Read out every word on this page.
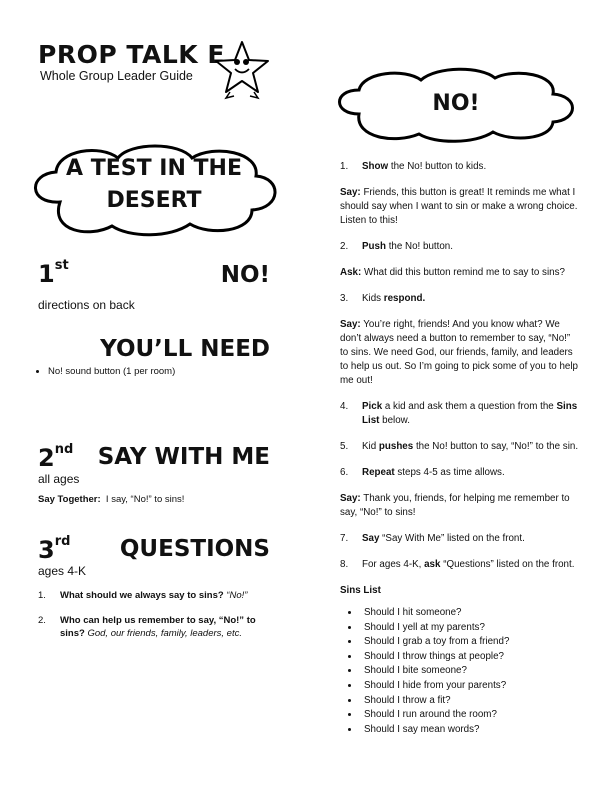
PROP TALK E
Whole Group Leader Guide
A TEST IN THE
DESERT
NO!
1st	NO!
directions on back
YOU’LL NEED
• No! sound button (1 per room)
2nd	SAY WITH ME
all ages
Say Together: I say, “No!” to sins!
3rd	QUESTIONS
ages 4-K
1. What should we always say to sins? “No!”
2. Who can help us remember to say, “No!” to sins? God, our friends, family, leaders, etc.
1. Show the No! button to kids.
Say: Friends, this button is great! It reminds me what I should say when I want to sin or make a wrong choice. Listen to this!
2. Push the No! button.
Ask: What did this button remind me to say to sins?
3. Kids respond.
Say: You’re right, friends! And you know what? We don’t always need a button to remember to say, “No!” to sins. We need God, our friends, family, and leaders to help us out. So I’m going to pick some of you to help me out!
4. Pick a kid and ask them a question from the Sins List below.
5. Kid pushes the No! button to say, “No!” to the sin.
6. Repeat steps 4-5 as time allows.
Say: Thank you, friends, for helping me remember to say, “No!” to sins!
7. Say “Say With Me” listed on the front.
8. For ages 4-K, ask “Questions” listed on the front.
Sins List
• Should I hit someone?
• Should I yell at my parents?
• Should I grab a toy from a friend?
• Should I throw things at people?
• Should I bite someone?
• Should I hide from your parents?
• Should I throw a fit?
• Should I run around the room?
• Should I say mean words?
